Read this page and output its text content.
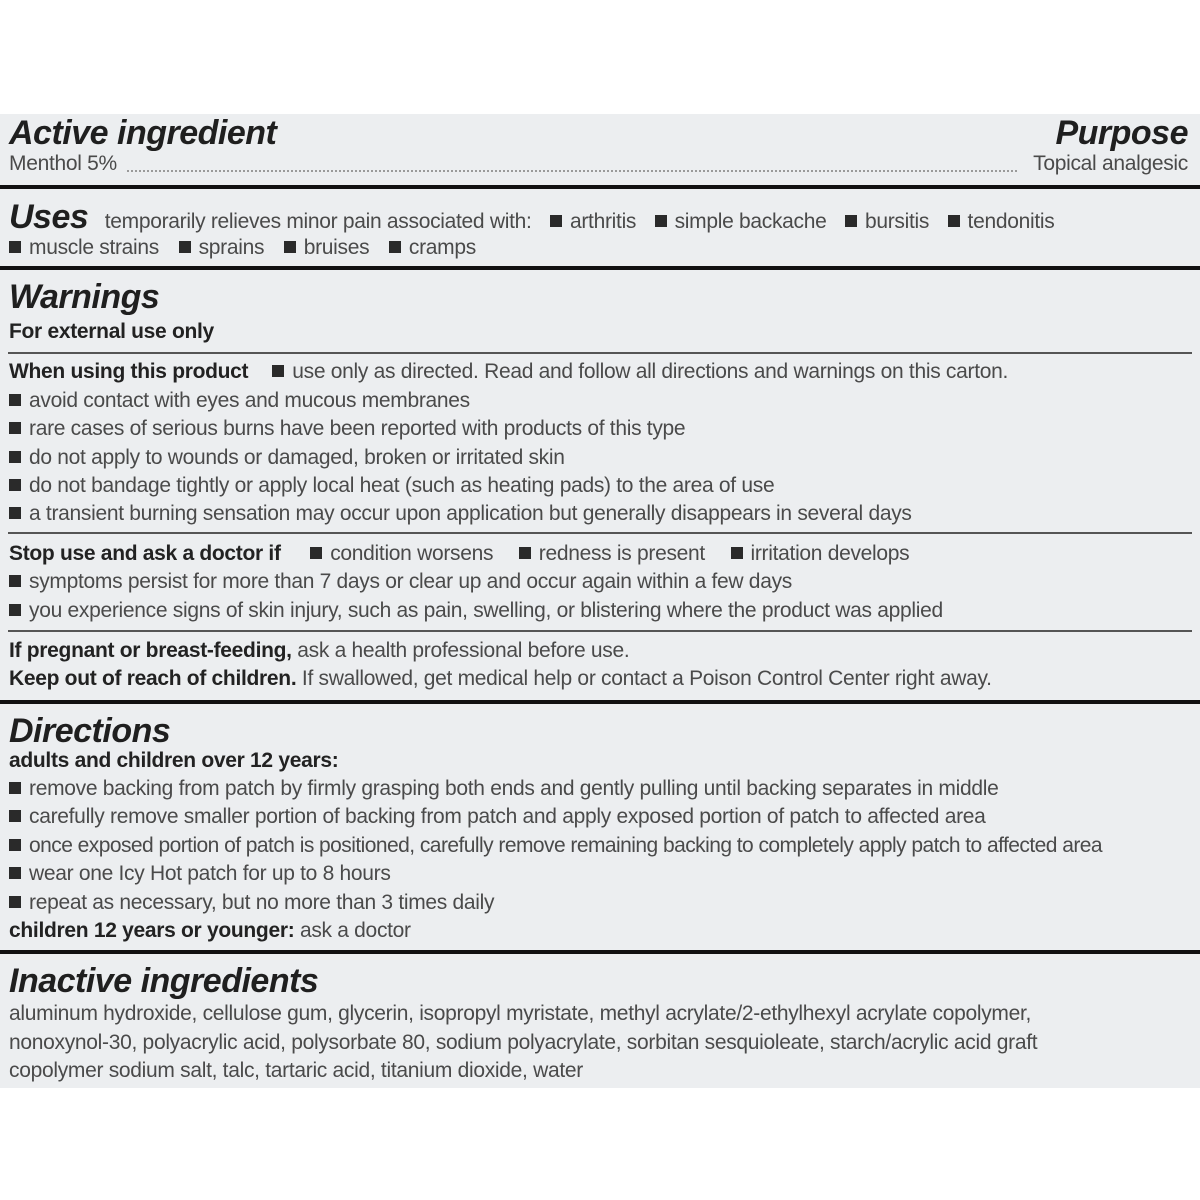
Active ingredient	Purpose
Menthol 5%	Topical analgesic
Uses temporarily relieves minor pain associated with: arthritis simple backache bursitis tendonitis
muscle strains sprains bruises cramps
Warnings
For external use only
When using this product use only as directed. Read and follow all directions and warnings on this carton.
avoid contact with eyes and mucous membranes
rare cases of serious burns have been reported with products of this type
do not apply to wounds or damaged, broken or irritated skin
do not bandage tightly or apply local heat (such as heating pads) to the area of use
a transient burning sensation may occur upon application but generally disappears in several days
Stop use and ask a doctor if condition worsens redness is present irritation develops
symptoms persist for more than 7 days or clear up and occur again within a few days
you experience signs of skin injury, such as pain, swelling, or blistering where the product was applied
If pregnant or breast-feeding, ask a health professional before use.
Keep out of reach of children. If swallowed, get medical help or contact a Poison Control Center right away.
Directions
adults and children over 12 years:
remove backing from patch by firmly grasping both ends and gently pulling until backing separates in middle
carefully remove smaller portion of backing from patch and apply exposed portion of patch to affected area
once exposed portion of patch is positioned, carefully remove remaining backing to completely apply patch to affected area
wear one Icy Hot patch for up to 8 hours
repeat as necessary, but no more than 3 times daily
children 12 years or younger: ask a doctor
Inactive ingredients
aluminum hydroxide, cellulose gum, glycerin, isopropyl myristate, methyl acrylate/2-ethylhexyl acrylate copolymer,
nonoxynol-30, polyacrylic acid, polysorbate 80, sodium polyacrylate, sorbitan sesquioleate, starch/acrylic acid graft
copolymer sodium salt, talc, tartaric acid, titanium dioxide, water
